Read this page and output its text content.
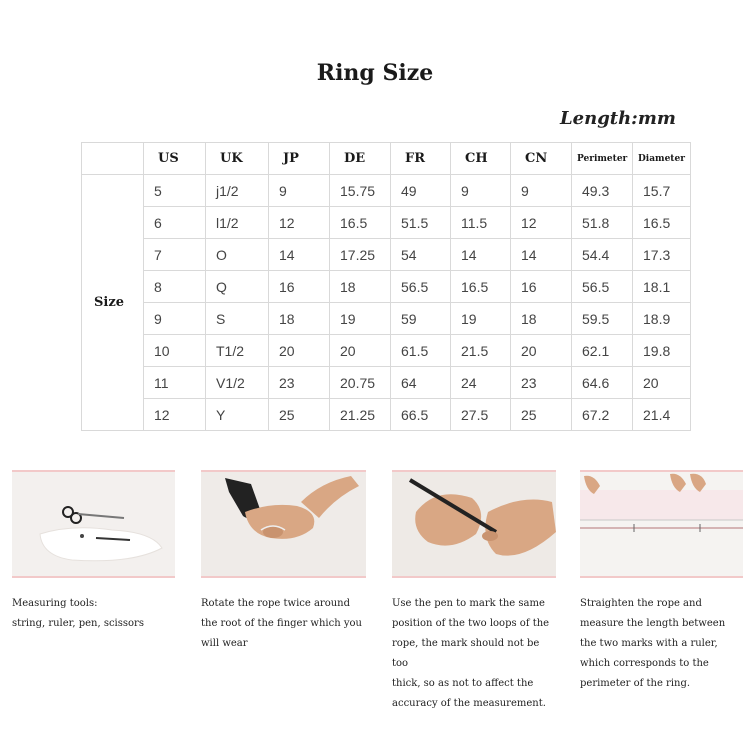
Ring Size
Length:mm
	US	UK	JP	DE	FR	CH	CN	Perimeter	Diameter
Size	5	j1/2	9	15.75	49	9	9	49.3	15.7
	6	l1/2	12	16.5	51.5	11.5	12	51.8	16.5
	7	O	14	17.25	54	14	14	54.4	17.3
	8	Q	16	18	56.5	16.5	16	56.5	18.1
	9	S	18	19	59	19	18	59.5	18.9
	10	T1/2	20	20	61.5	21.5	20	62.1	19.8
	11	V1/2	23	20.75	64	24	23	64.6	20
	12	Y	25	21.25	66.5	27.5	25	67.2	21.4
Measuring tools:
string, ruler, pen, scissors
Rotate the rope twice around
the root of the finger which you
will wear
Use the pen to mark the same
position of the two loops of the
rope, the mark should not be too
thick, so as not to affect the
accuracy of the measurement.
Straighten the rope and
measure the length between
the two marks with a ruler,
which corresponds to the
perimeter of the ring.
